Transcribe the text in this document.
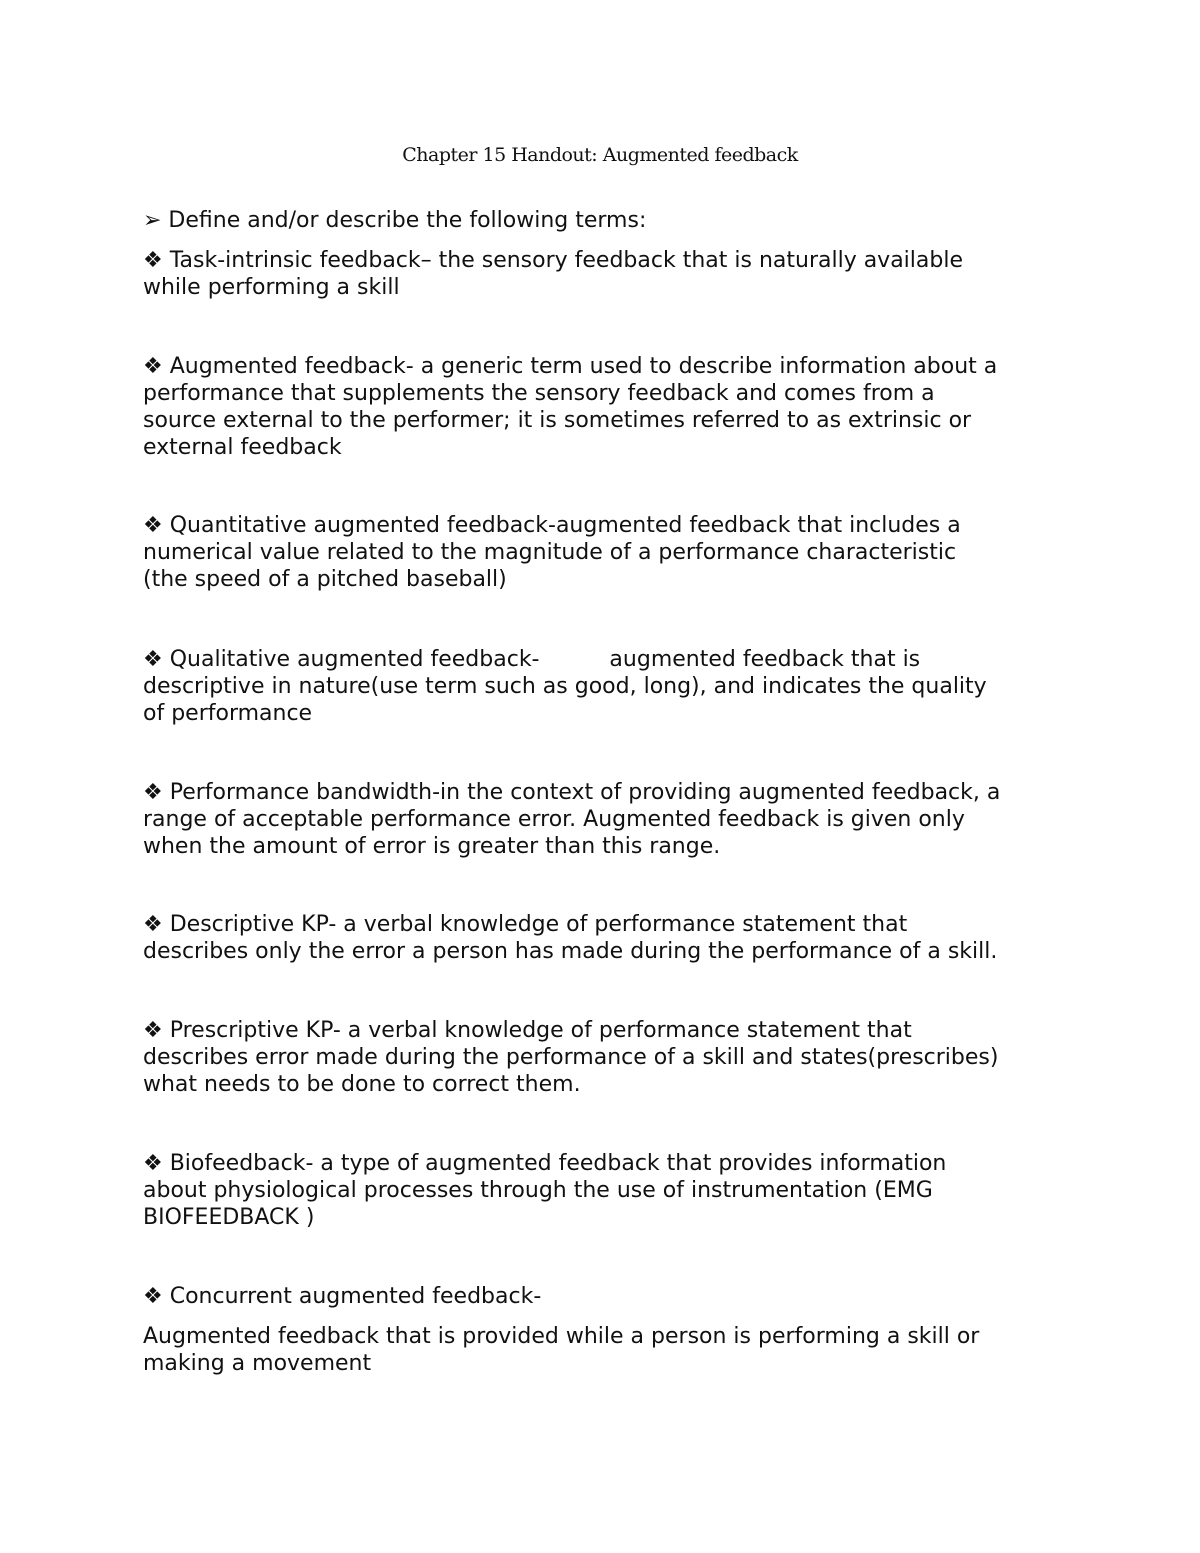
Chapter 15 Handout: Augmented feedback
➢ Define and/or describe the following terms:
❖ Task-intrinsic feedback– the sensory feedback that is naturally available
while performing a skill
❖ Augmented feedback- a generic term used to describe information about a
performance that supplements the sensory feedback and comes from a
source external to the performer; it is sometimes referred to as extrinsic or
external feedback
❖ Quantitative augmented feedback-augmented feedback that includes a
numerical value related to the magnitude of a performance characteristic
(the speed of a pitched baseball)
❖ Qualitative augmented feedback-          augmented feedback that is
descriptive in nature(use term such as good, long), and indicates the quality
of performance
❖ Performance bandwidth-in the context of providing augmented feedback, a
range of acceptable performance error. Augmented feedback is given only
when the amount of error is greater than this range.
❖ Descriptive KP- a verbal knowledge of performance statement that
describes only the error a person has made during the performance of a skill.
❖ Prescriptive KP- a verbal knowledge of performance statement that
describes error made during the performance of a skill and states(prescribes)
what needs to be done to correct them.
❖ Biofeedback- a type of augmented feedback that provides information
about physiological processes through the use of instrumentation (EMG
BIOFEEDBACK )
❖ Concurrent augmented feedback-
Augmented feedback that is provided while a person is performing a skill or
making a movement
